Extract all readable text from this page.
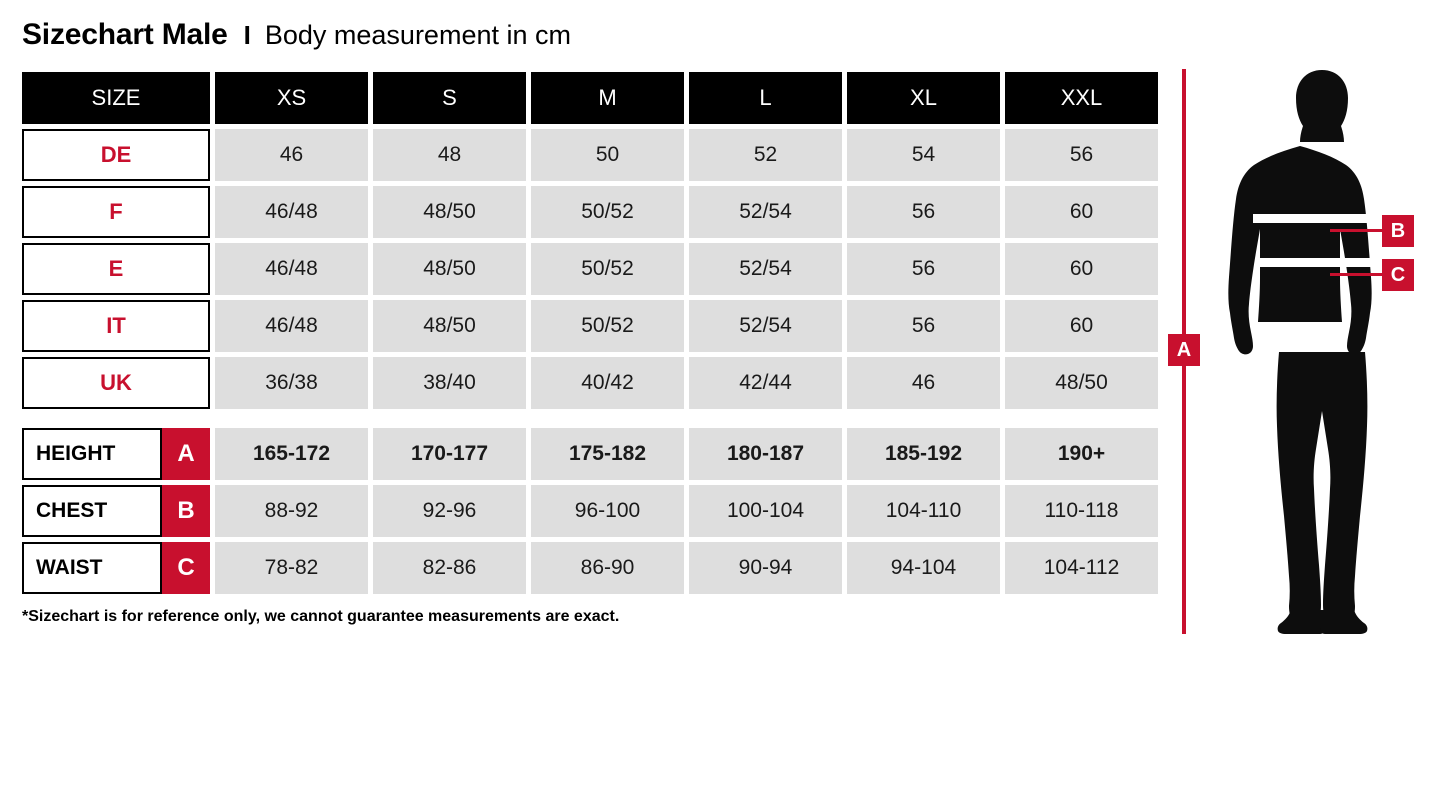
Sizechart Male I Body measurement in cm
SIZE	XS	S	M	L	XL	XXL
DE	46	48	50	52	54	56
F	46/48	48/50	50/52	52/54	56	60
E	46/48	48/50	50/52	52/54	56	60
IT	46/48	48/50	50/52	52/54	56	60
UK	36/38	38/40	40/42	42/44	46	48/50
HEIGHT	A	165-172	170-177	175-182	180-187	185-192	190+
CHEST	B	88-92	92-96	96-100	100-104	104-110	110-118
WAIST	C	78-82	82-86	86-90	90-94	94-104	104-112
*Sizechart is for reference only, we cannot guarantee measurements are exact.
A
B
C
